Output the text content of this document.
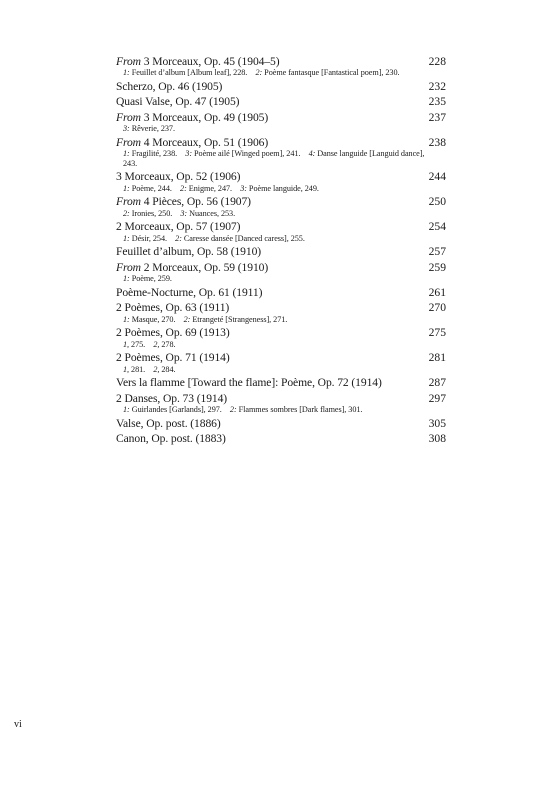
From 3 Morceaux, Op. 45 (1904–5)	228
1: Feuillet d’album [Album leaf], 228. 2: Poème fantasque [Fantastical poem], 230.
Scherzo, Op. 46 (1905)	232
Quasi Valse, Op. 47 (1905)	235
From 3 Morceaux, Op. 49 (1905)	237
3: Rêverie, 237.
From 4 Morceaux, Op. 51 (1906)	238
1: Fragilité, 238. 3: Poème ailé [Winged poem], 241. 4: Danse languide [Languid dance], 243.
3 Morceaux, Op. 52 (1906)	244
1: Poème, 244. 2: Enigme, 247. 3: Poème languide, 249.
From 4 Pièces, Op. 56 (1907)	250
2: Ironies, 250. 3: Nuances, 253.
2 Morceaux, Op. 57 (1907)	254
1: Désir, 254. 2: Caresse dansée [Danced caress], 255.
Feuillet d’album, Op. 58 (1910)	257
From 2 Morceaux, Op. 59 (1910)	259
1: Poème, 259.
Poème-Nocturne, Op. 61 (1911)	261
2 Poèmes, Op. 63 (1911)	270
1: Masque, 270. 2: Etrangeté [Strangeness], 271.
2 Poèmes, Op. 69 (1913)	275
1, 275. 2, 278.
2 Poèmes, Op. 71 (1914)	281
1, 281. 2, 284.
Vers la flamme [Toward the flame]: Poème, Op. 72 (1914)	287
2 Danses, Op. 73 (1914)	297
1: Guirlandes [Garlands], 297. 2: Flammes sombres [Dark flames], 301.
Valse, Op. post. (1886)	305
Canon, Op. post. (1883)	308
vi
